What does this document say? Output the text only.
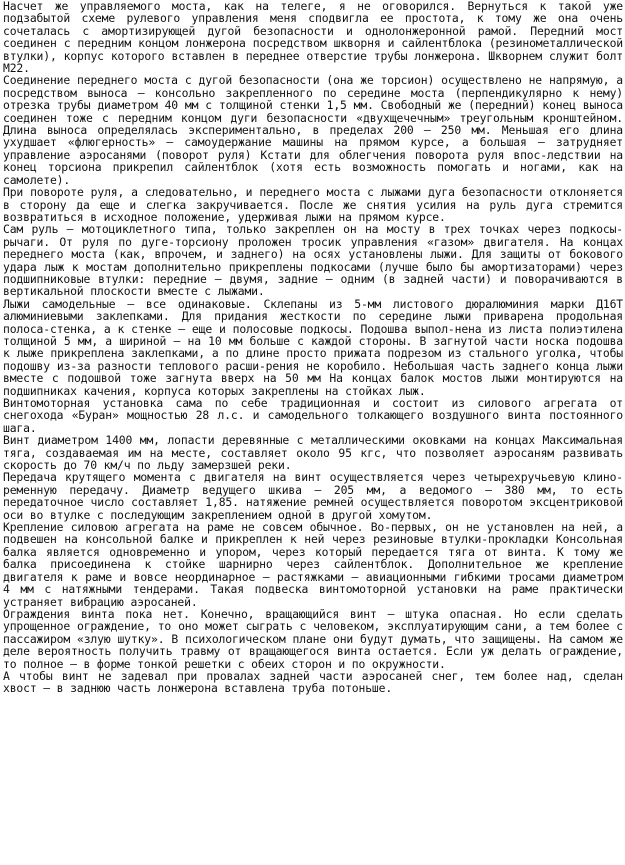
Насчет же управляемого моста, как на телеге, я не оговорился. Вернуться к такой уже подзабытой схеме рулевого управления меня сподвигла ее простота, к тому же она очень сочеталась с амортизирующей дугой безопасности и однолонжеронной рамой. Передний мост соединен с передним концом лонжерона посредством шкворня и сайлентблока (резинометаллической втулки), корпус которого вставлен в переднее отверстие трубы лонжерона. Шкворнем служит болт М22.

Соединение переднего моста с дугой безопасности (она же торсион) осуществлено не напрямую, а посредством выноса – консольно закрепленного по середине моста (перпендикулярно к нему) отрезка трубы диаметром 40 мм с толщиной стенки 1,5 мм. Свободный же (передний) конец выноса соединен тоже с передним концом дуги безопасности «двухщечечным» треугольным кронштейном. Длина выноса определялась экспериментально, в пределах 200 – 250 мм. Меньшая его длина ухудшает «флюгерность» – самоудержание машины на прямом курсе, а большая – затрудняет управление аэросанями (поворот руля) Кстати для облегчения поворота руля впос-ледствии на конец торсиона прикрепил сайлентблок (хотя есть возможность помогать и ногами, как на самолете).

При повороте руля, а следовательно, и переднего моста с лыжами дуга безопасности отклоняется в сторону да еще и слегка закручивается. После же снятия усилия на руль дуга стремится возвратиться в исходное положение, удерживая лыжи на прямом курсе.

Сам руль – мотоциклетного типа, только закреплен он на мосту в трех точках через подкосы-рычаги. От руля по дуге-торсиону проложен тросик управления «газом» двигателя. На концах переднего моста (как, впрочем, и заднего) на осях установлены лыжи. Для защиты от бокового удара лыж к мостам дополнительно прикреплены подкосами (лучше было бы амортизаторами) через подшипниковые втулки: передние – двумя, задние – одним (в задней части) и поворачиваются в вертикальной плоскости вместе с лыжами.

Лыжи самодельные – все одинаковые. Склепаны из 5-мм листового дюралюминия марки Д16Т алюминиевыми заклепками. Для придания жесткости по середине лыжи приварена продольная полоса-стенка, а к стенке – еще и полосовые подкосы. Подошва выпол-нена из листа полиэтилена толщиной 5 мм, а шириной – на 10 мм больше с каждой стороны. В загнутой части носка подошва к лыже прикреплена заклепками, а по длине просто прижата подрезом из стального уголка, чтобы подошву из-за разности теплового расши-рения не коробило. Небольшая часть заднего конца лыжи вместе с подошвой тоже загнута вверх на 50 мм На концах балок мостов лыжи монтируются на подшипниках качения, корпуса которых закреплены на стойках лыж.

Винтомоторная установка сама по себе традиционная и состоит из силового агрегата от снегохода «Буран» мощностью 28 л.с. и самодельного толкающего воздушного винта постоянного шага.

Винт диаметром 1400 мм, лопасти деревянные с металлическими оковками на концах Максимальная тяга, создаваемая им на месте, составляет около 95 кгс, что позволяет аэросаням развивать скорость до 70 км/ч по льду замерзшей реки.

Передача крутящего момента с двигателя на винт осуществляется через четырехручьевую клино-ременную передачу. Диаметр ведущего шкива – 205 мм, а ведомого – 380 мм, то есть передаточное число составляет 1,85. натяжение ремней осуществляется поворотом эксцентриковой оси во втулке с последующим закреплением одной в другой хомутом.

Крепление силовою агрегата на раме не совсем обычное. Во-первых, он не установлен на ней, а подвешен на консольной балке и прикреплен к ней через резиновые втулки-прокладки Консольная балка является одновременно и упором, через который передается тяга от винта. К тому же балка присоединена к стойке шарнирно через сайлентблок. Дополнительное же крепление двигателя к раме и вовсе неординарное – растяжками – авиационными гибкими тросами диаметром 4 мм с натяжными тендерами. Такая подвеска винтомоторной установки на раме практически устраняет вибрацию аэросаней.

Ограждения винта пока нет. Конечно, вращающийся винт – штука опасная. Но если сделать упрощенное ограждение, то оно может сыграть с человеком, эксплуатирующим сани, а тем более с пассажиром «злую шутку». В психологическом плане они будут думать, что защищены. На самом же деле вероятность получить травму от вращающегося винта остается. Если уж делать ограждение, то полное – в форме тонкой решетки с обеих сторон и по окружности.

А чтобы винт не задевал при провалах задней части аэросаней снег, тем более над, сделан хвост – в заднюю часть лонжерона вставлена труба потоньше.
